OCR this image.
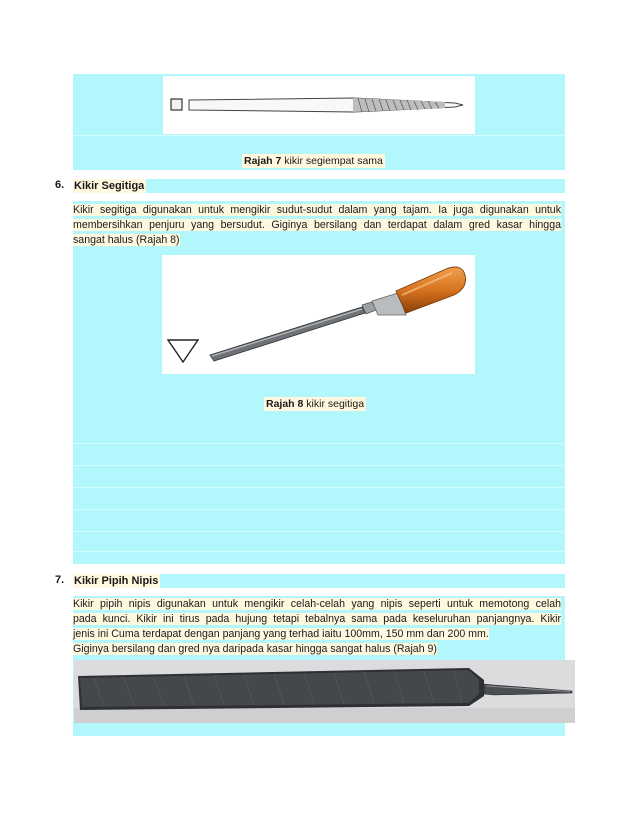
Rajah 7 kikir segiempat sama
6. Kikir Segitiga
Kikir segitiga digunakan untuk mengikir sudut-sudut dalam yang tajam. Ia juga digunakan untuk
membersihkan penjuru yang bersudut. Giginya bersilang dan terdapat dalam gred kasar hingga
sangat halus (Rajah 8)
Rajah 8 kikir segitiga
7. Kikir Pipih Nipis
Kikir pipih nipis digunakan untuk mengikir celah-celah yang nipis seperti untuk memotong celah
pada kunci. Kikir ini tirus pada hujung tetapi tebalnya sama pada keseluruhan panjangnya. Kikir
jenis ini Cuma terdapat dengan panjang yang terhad iaitu 100mm, 150 mm dan 200 mm.
Giginya bersilang dan gred nya daripada kasar hingga sangat halus (Rajah 9)
